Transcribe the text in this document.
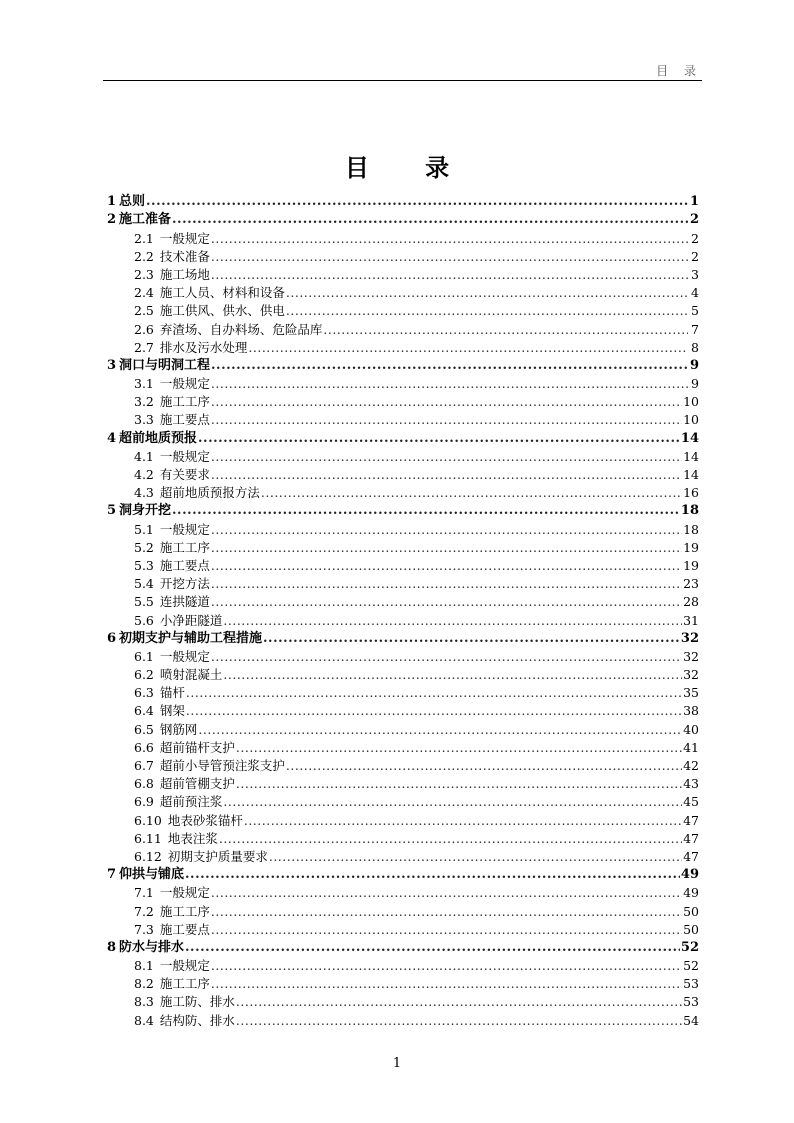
目 录
目 录
1 总则 .....	1
2 施工准备 .....	2
2.1 一般规定 .....	2
2.2 技术准备 .....	2
2.3 施工场地 .....	3
2.4 施工人员、材料和设备 .....	4
2.5 施工供风、供水、供电 .....	5
2.6 弃渣场、自办料场、危险品库 .....	7
2.7 排水及污水处理 .....	8
3 洞口与明洞工程 .....	9
3.1 一般规定 .....	9
3.2 施工工序 .....	10
3.3 施工要点 .....	10
4 超前地质预报 .....	14
4.1 一般规定 .....	14
4.2 有关要求 .....	14
4.3 超前地质预报方法 .....	16
5 洞身开挖 .....	18
5.1 一般规定 .....	18
5.2 施工工序 .....	19
5.3 施工要点 .....	19
5.4 开挖方法 .....	23
5.5 连拱隧道 .....	28
5.6 小净距隧道 .....	31
6 初期支护与辅助工程措施 .....	32
6.1 一般规定 .....	32
6.2 喷射混凝土 .....	32
6.3 锚杆 .....	35
6.4 钢架 .....	38
6.5 钢筋网 .....	40
6.6 超前锚杆支护 .....	41
6.7 超前小导管预注浆支护 .....	42
6.8 超前管棚支护 .....	43
6.9 超前预注浆 .....	45
6.10 地表砂浆锚杆 .....	47
6.11 地表注浆 .....	47
6.12 初期支护质量要求 .....	47
7 仰拱与铺底 .....	49
7.1 一般规定 .....	49
7.2 施工工序 .....	50
7.3 施工要点 .....	50
8 防水与排水 .....	52
8.1 一般规定 .....	52
8.2 施工工序 .....	53
8.3 施工防、排水 .....	53
8.4 结构防、排水 .....	54
1
